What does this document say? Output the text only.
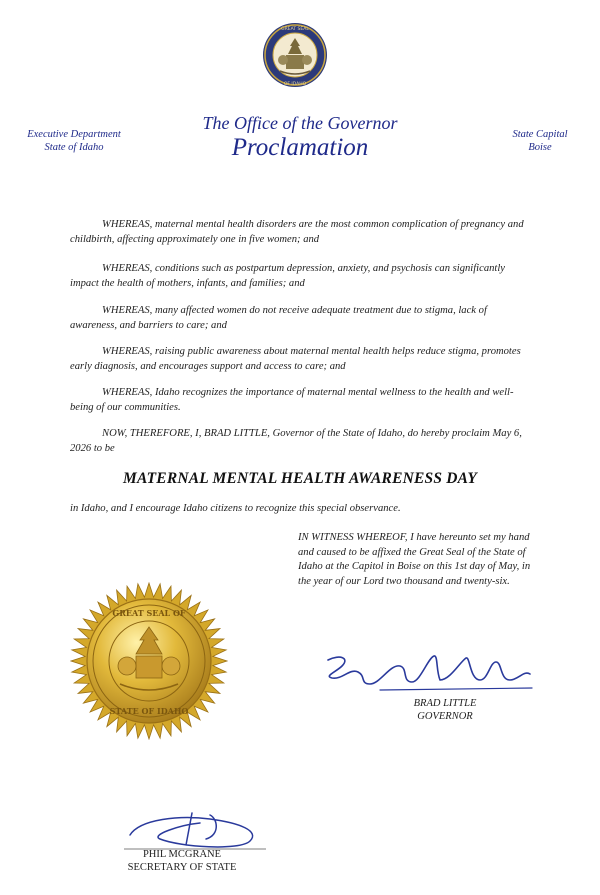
GREAT SEAL
OF IDAHO
Executive Department
State of Idaho
The Office of the Governor
Proclamation	State Capital
Boise
WHEREAS, maternal mental health disorders are the most common complication of pregnancy and childbirth, affecting approximately one in five women; and
WHEREAS, conditions such as postpartum depression, anxiety, and psychosis can significantly impact the health of mothers, infants, and families; and
WHEREAS, many affected women do not receive adequate treatment due to stigma, lack of awareness, and barriers to care; and
WHEREAS, raising public awareness about maternal mental health helps reduce stigma, promotes early diagnosis, and encourages support and access to care; and
WHEREAS, Idaho recognizes the importance of maternal mental wellness to the health and well-being of our communities.
NOW, THEREFORE, I, BRAD LITTLE, Governor of the State of Idaho, do hereby proclaim May 6, 2026 to be
MATERNAL MENTAL HEALTH AWARENESS DAY
in Idaho, and I encourage Idaho citizens to recognize this special observance.
IN WITNESS WHEREOF, I have hereunto set my hand and caused to be affixed the Great Seal of the State of Idaho at the Capitol in Boise on this 1st day of May, in the year of our Lord two thousand and twenty-six.
GREAT SEAL OF
STATE OF IDAHO
BRAD LITTLE
GOVERNOR
PHIL MCGRANE
SECRETARY OF STATE
